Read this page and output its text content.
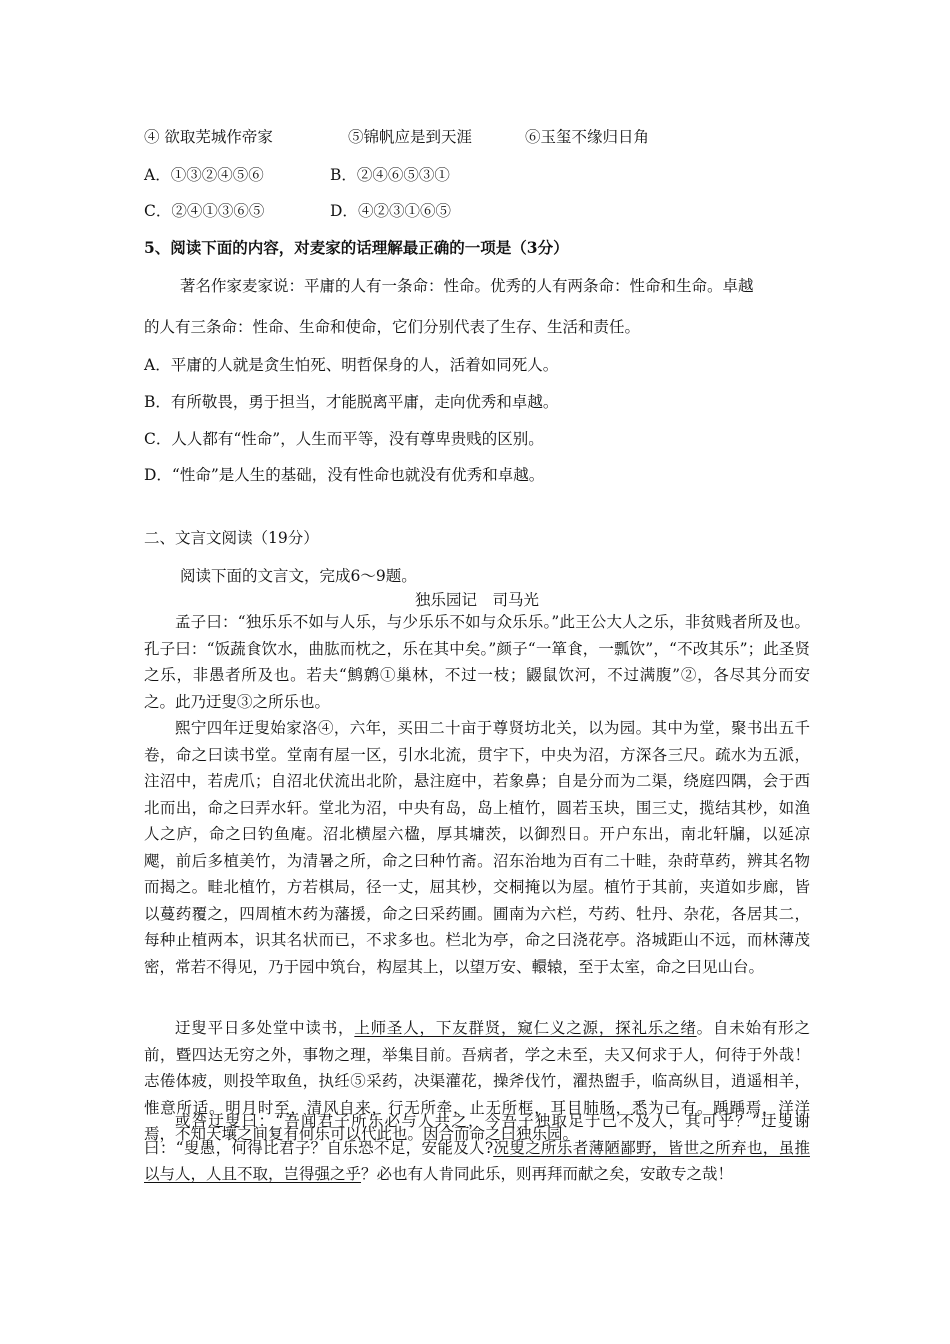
④ 欲取芜城作帝家	⑤锦帆应是到天涯	⑥玉玺不缘归日角
A．①③②④⑤⑥	B．②④⑥⑤③①
C．②④①③⑥⑤	D．④②③①⑥⑤
5、阅读下面的内容，对麦家的话理解最正确的一项是（3分）
著名作家麦家说：平庸的人有一条命：性命。优秀的人有两条命：性命和生命。卓越
的人有三条命：性命、生命和使命，它们分别代表了生存、生活和责任。
A．平庸的人就是贪生怕死、明哲保身的人，活着如同死人。
B．有所敬畏，勇于担当，才能脱离平庸，走向优秀和卓越。
C．人人都有“性命”，人生而平等，没有尊卑贵贱的区别。
D．“性命”是人生的基础，没有性命也就没有优秀和卓越。
二、文言文阅读（19分）
阅读下面的文言文，完成6～9题。
独乐园记　司马光
孟子曰：“独乐乐不如与人乐，与少乐乐不如与众乐乐。”此王公大人之乐，非贫贱者所及也。孔子曰：“饭蔬食饮水，曲肱而枕之，乐在其中矣。”颜子“一箪食，一瓢饮”，“不改其乐”；此圣贤之乐，非愚者所及也。若夫“鹪鹩①巢林，不过一枝；鼹鼠饮河，不过满腹”②，各尽其分而安之。此乃迂叟③之所乐也。
熙宁四年迂叟始家洛④，六年，买田二十亩于尊贤坊北关，以为园。其中为堂，聚书出五千卷，命之曰读书堂。堂南有屋一区，引水北流，贯宇下，中央为沼，方深各三尺。疏水为五派，注沼中，若虎爪；自沼北伏流出北阶，悬注庭中，若象鼻；自是分而为二渠，绕庭四隅，会于西北而出，命之曰弄水轩。堂北为沼，中央有岛，岛上植竹，圆若玉块，围三丈，揽结其杪，如渔人之庐，命之曰钓鱼庵。沼北横屋六楹，厚其墉茨，以御烈日。开户东出，南北轩牖，以延凉飔，前后多植美竹，为清暑之所，命之曰种竹斋。沼东治地为百有二十畦，杂莳草药，辨其名物而揭之。畦北植竹，方若棋局，径一丈，屈其杪，交桐掩以为屋。植竹于其前，夹道如步廊，皆以蔓药覆之，四周植木药为藩援，命之曰采药圃。圃南为六栏，芍药、牡丹、杂花，各居其二，每种止植两本，识其名状而已，不求多也。栏北为亭，命之曰浇花亭。洛城距山不远，而林薄茂密，常若不得见，乃于园中筑台，构屋其上，以望万安、轘辕，至于太室，命之曰见山台。
迂叟平日多处堂中读书，上师圣人，下友群贤，窥仁义之源，探礼乐之绪。自未始有形之前，暨四达无穷之外，事物之理，举集目前。吾病者，学之未至，夫又何求于人，何待于外哉！志倦体疲，则投竿取鱼，执纴⑤采药，决渠灌花，操斧伐竹，濯热盥手，临高纵目，逍遥相羊，惟意所适。明月时至，清风自来，行无所牵，止无所框，耳目肺肠，悉为己有。踽踽焉，洋洋焉，不知天壤之间复有何乐可以代此也。因合而命之曰独乐园。
或咎迂叟曰：“吾闻君子所乐必与人共之，今吾子独取足于己不及人，其可乎？”迂叟谢曰：“叟愚，何得比君子？自乐恐不足，安能及人?况叟之所乐者薄陋鄙野，皆世之所弃也，虽推以与人，人且不取，岂得强之乎？必也有人肯同此乐，则再拜而献之矣，安敢专之哉！
